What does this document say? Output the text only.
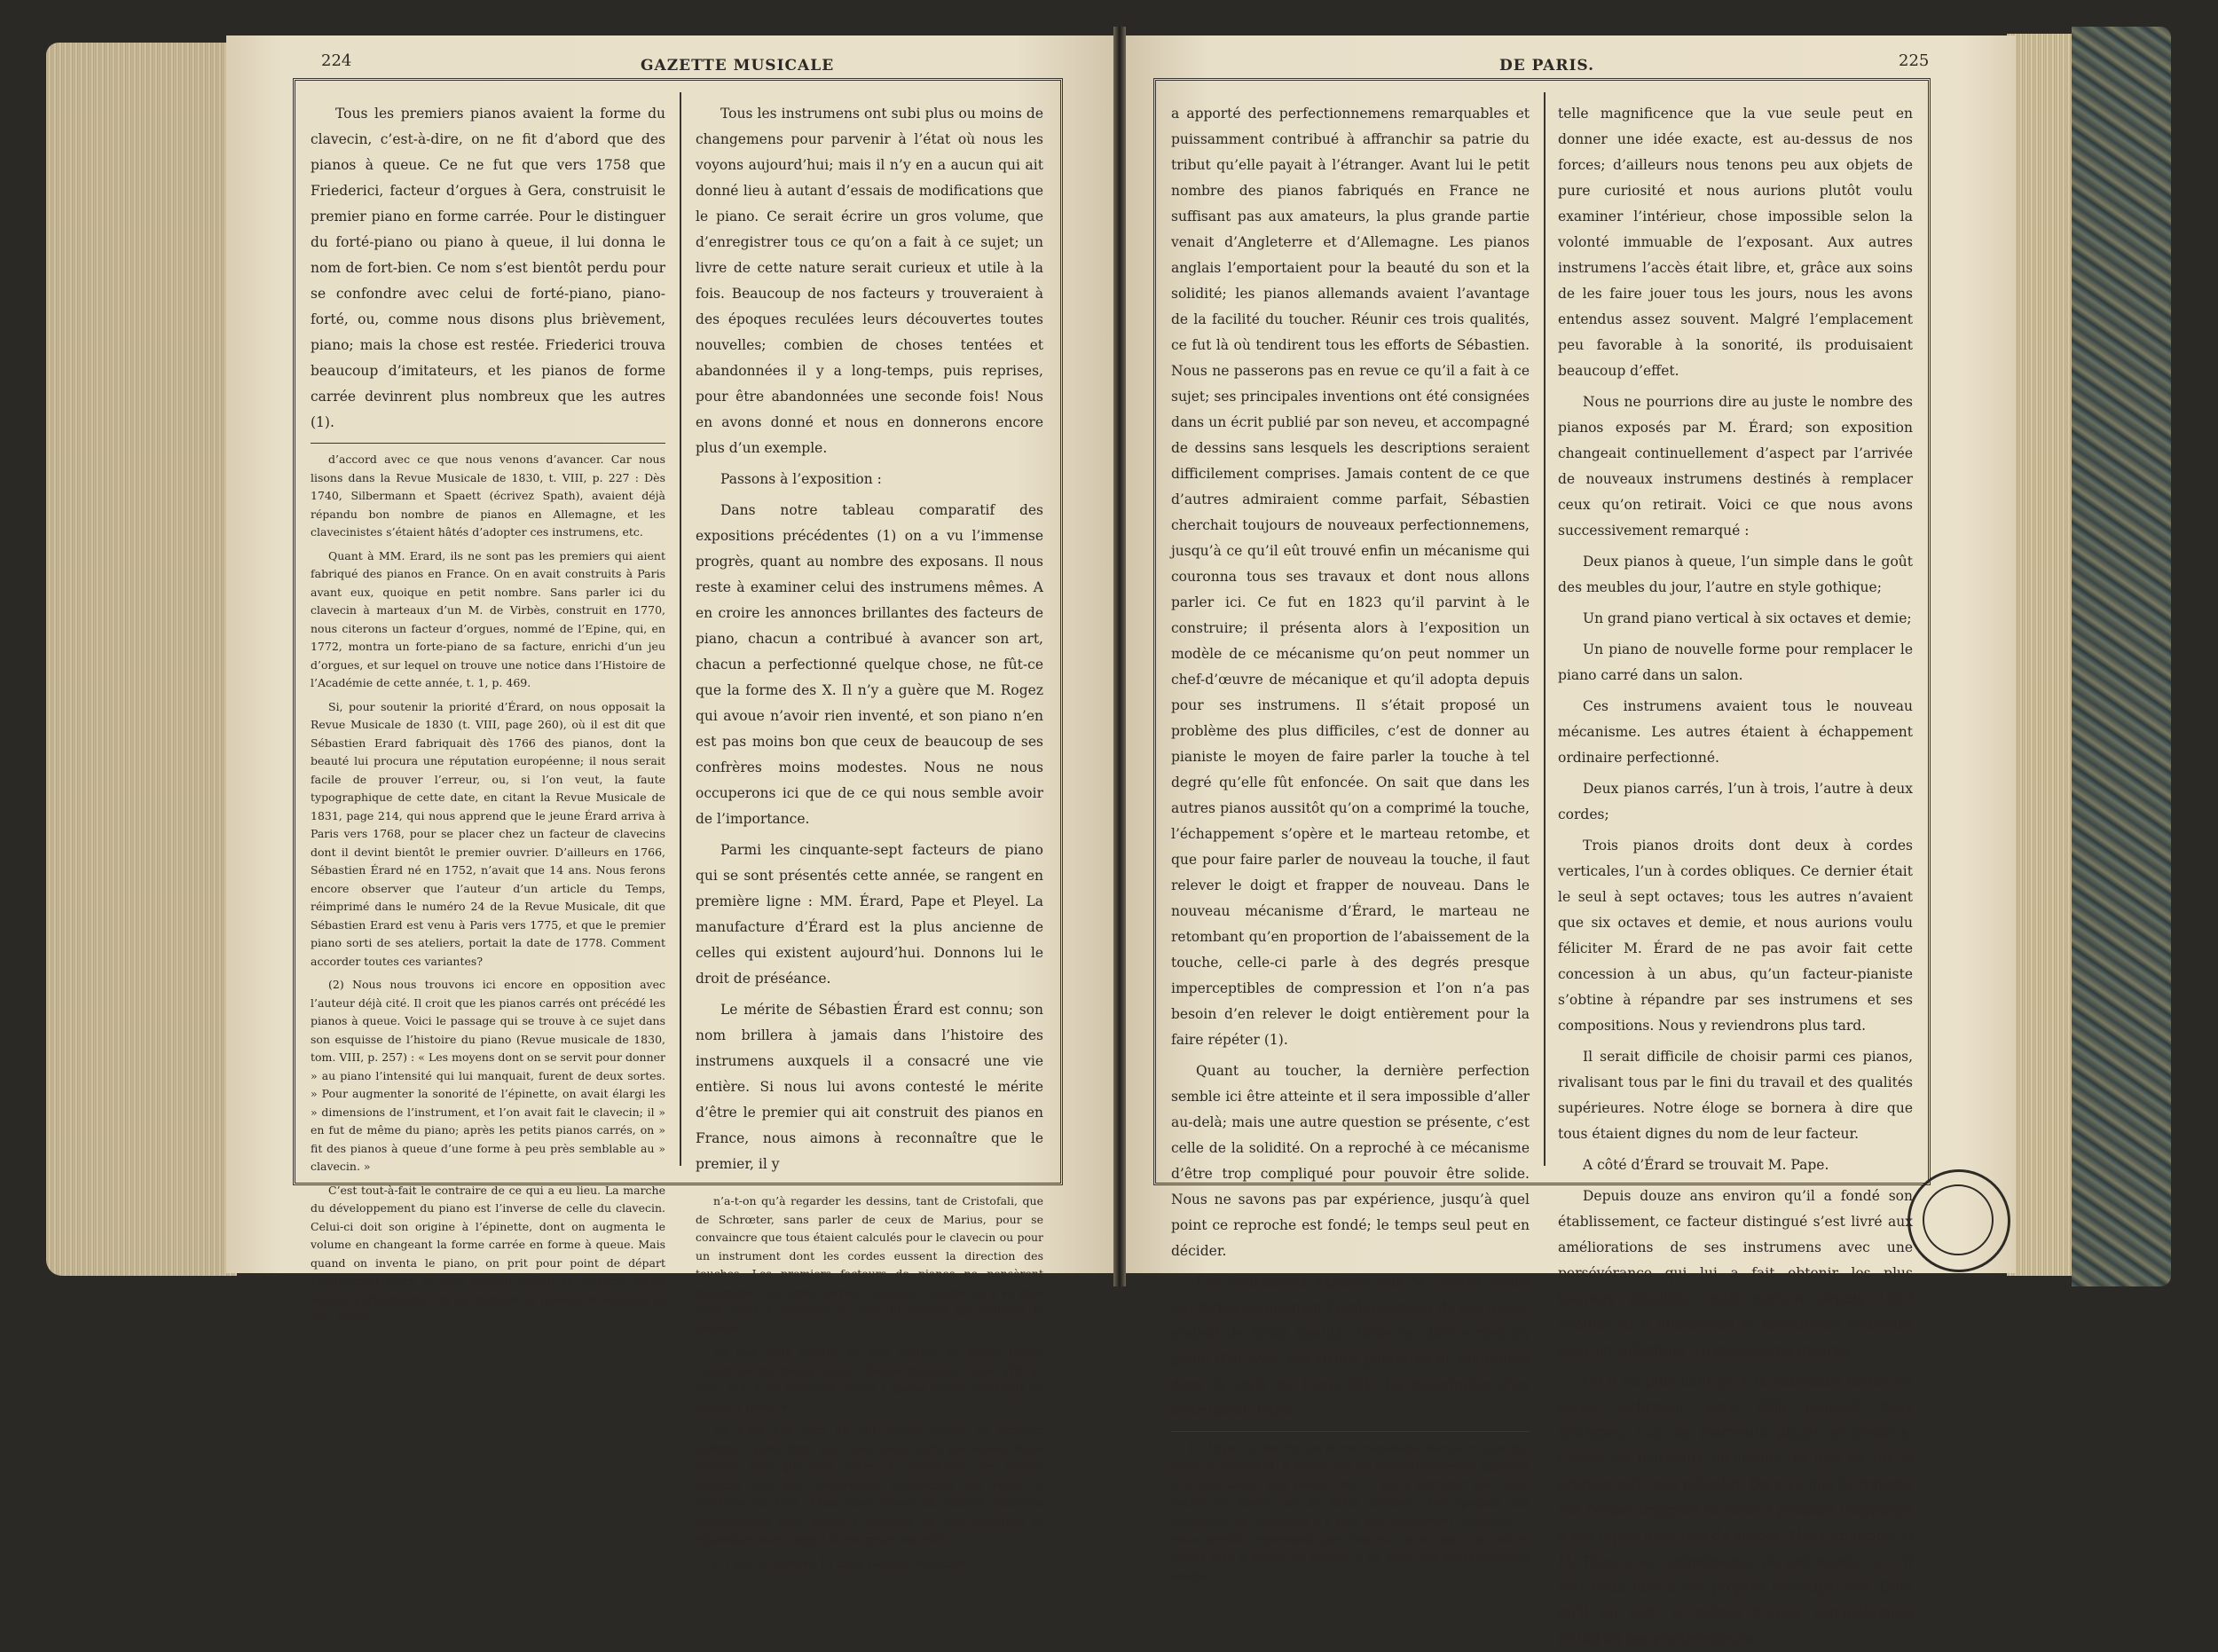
224	GAZETTE MUSICALE	DE PARIS.	225

Tous les premiers pianos avaient la forme du clavecin, c’est-à-dire, on ne fit d’abord que des pianos à queue. Ce ne fut que vers 1758 que Friederici, facteur d’orgues à Gera, construisit le premier piano en forme carrée. Pour le distinguer du forté-piano ou piano à queue, il lui donna le nom de fort-bien. Ce nom s’est bientôt perdu pour se confondre avec celui de forté-piano, piano-forté, ou, comme nous disons plus brièvement, piano; mais la chose est restée. Friederici trouva beaucoup d’imitateurs, et les pianos de forme carrée devinrent plus nombreux que les autres (1).

d’accord avec ce que nous venons d’avancer. Car nous lisons dans la Revue Musicale de 1830, t. VIII, p. 227 : Dès 1740, Silbermann et Spaett (écrivez Spath), avaient déjà répandu bon nombre de pianos en Allemagne, et les clavecinistes s’étaient hâtés d’adopter ces instrumens, etc.

Quant à MM. Erard, ils ne sont pas les premiers qui aient fabriqué des pianos en France. On en avait construits à Paris avant eux, quoique en petit nombre. Sans parler ici du clavecin à marteaux d’un M. de Virbès, construit en 1770, nous citerons un facteur d’orgues, nommé de l’Epine, qui, en 1772, montra un forte-piano de sa facture, enrichi d’un jeu d’orgues, et sur lequel on trouve une notice dans l’Histoire de l’Académie de cette année, t. 1, p. 469.

Si, pour soutenir la priorité d’Érard, on nous opposait la Revue Musicale de 1830 (t. VIII, page 260), où il est dit que Sébastien Erard fabriquait dès 1766 des pianos, dont la beauté lui procura une réputation européenne; il nous serait facile de prouver l’erreur, ou, si l’on veut, la faute typographique de cette date, en citant la Revue Musicale de 1831, page 214, qui nous apprend que le jeune Érard arriva à Paris vers 1768, pour se placer chez un facteur de clavecins dont il devint bientôt le premier ouvrier. D’ailleurs en 1766, Sébastien Érard né en 1752, n’avait que 14 ans. Nous ferons encore observer que l’auteur d’un article du Temps, réimprimé dans le numéro 24 de la Revue Musicale, dit que Sébastien Erard est venu à Paris vers 1775, et que le premier piano sorti de ses ateliers, portait la date de 1778. Comment accorder toutes ces variantes?

(2) Nous nous trouvons ici encore en opposition avec l’auteur déjà cité. Il croit que les pianos carrés ont précédé les pianos à queue. Voici le passage qui se trouve à ce sujet dans son esquisse de l’histoire du piano (Revue musicale de 1830, tom. VIII, p. 257) : « Les moyens dont on se servit pour donner » au piano l’intensité qui lui manquait, furent de deux sortes. » Pour augmenter la sonorité de l’épinette, on avait élargi les » dimensions de l’instrument, et l’on avait fait le clavecin; il » en fut de même du piano; après les petits pianos carrés, on » fit des pianos à queue d’une forme à peu près semblable au » clavecin. »

C’est tout-à-fait le contraire de ce qui a eu lieu. La marche du développement du piano est l’inverse de celle du clavecin. Celui-ci doit son origine à l’épinette, dont on augmenta le volume en changeant la forme carrée en forme à queue. Mais quand on inventa le piano, on prit pour point de départ l’instrument alors le plus parfait; c’était le clavecin qu’on voulait perfectionner en lui donnant la qualité de nuancer le son. Aussi

Tous les instrumens ont subi plus ou moins de changemens pour parvenir à l’état où nous les voyons aujourd’hui; mais il n’y en a aucun qui ait donné lieu à autant d’essais de modifications que le piano. Ce serait écrire un gros volume, que d’enregistrer tous ce qu’on a fait à ce sujet; un livre de cette nature serait curieux et utile à la fois. Beaucoup de nos facteurs y trouveraient à des époques reculées leurs découvertes toutes nouvelles; combien de choses tentées et abandonnées il y a long-temps, puis reprises, pour être abandonnées une seconde fois! Nous en avons donné et nous en donnerons encore plus d’un exemple.

Passons à l’exposition :

Dans notre tableau comparatif des expositions précédentes (1) on a vu l’immense progrès, quant au nombre des exposans. Il nous reste à examiner celui des instrumens mêmes. A en croire les annonces brillantes des facteurs de piano, chacun a contribué à avancer son art, chacun a perfectionné quelque chose, ne fût-ce que la forme des X. Il n’y a guère que M. Rogez qui avoue n’avoir rien inventé, et son piano n’en est pas moins bon que ceux de beaucoup de ses confrères moins modestes. Nous ne nous occuperons ici que de ce qui nous semble avoir de l’importance.

Parmi les cinquante-sept facteurs de piano qui se sont présentés cette année, se rangent en première ligne : MM. Érard, Pape et Pleyel. La manufacture d’Érard est la plus ancienne de celles qui existent aujourd’hui. Donnons lui le droit de préséance.

Le mérite de Sébastien Érard est connu; son nom brillera à jamais dans l’histoire des instrumens auxquels il a consacré une vie entière. Si nous lui avons contesté le mérite d’être le premier qui ait construit des pianos en France, nous aimons à reconnaître que le premier, il y

n’a-t-on qu’à regarder les dessins, tant de Cristofali, que de Schrœter, sans parler de ceux de Marius, pour se convaincre que tous étaient calculés pour le clavecin ou pour un instrument dont les cordes eussent la direction des touches. Les premiers facteurs de pianos ne pensèrent nullement à la forme carrée. L’histoire, comme on a vu plus haut, nous a conservé le nom du facteur qui l’adopta le premier.

Ce que nous venons de dire rectifie en même temps l’assertion du même auteur (Revue musicale. Tom. VIII, p. 258), que « les premiers pianos à queue furent construits en Angle- » terre. »

Ce n’est pas dans un but hostile contre un écrivain célèbre à juste titre, que nous avons écrit ces lignes. Nous aimons, plus que tout autre, à reconnaître les grands services que ses nombreuses recherches ont rendu à l’histoire de l’art. Mais nous avons dû relever quelques inexactitudes qu’il serait à craindre de voir adoptées et répandues sous l’appui d’une grave autorité.

(1) Voir le numéro 19 de la Gazette Musicale.

a apporté des perfectionnemens remarquables et puissamment contribué à affranchir sa patrie du tribut qu’elle payait à l’étranger. Avant lui le petit nombre des pianos fabriqués en France ne suffisant pas aux amateurs, la plus grande partie venait d’Angleterre et d’Allemagne. Les pianos anglais l’emportaient pour la beauté du son et la solidité; les pianos allemands avaient l’avantage de la facilité du toucher. Réunir ces trois qualités, ce fut là où tendirent tous les efforts de Sébastien. Nous ne passerons pas en revue ce qu’il a fait à ce sujet; ses principales inventions ont été consignées dans un écrit publié par son neveu, et accompagné de dessins sans lesquels les descriptions seraient difficilement comprises. Jamais content de ce que d’autres admiraient comme parfait, Sébastien cherchait toujours de nouveaux perfectionnemens, jusqu’à ce qu’il eût trouvé enfin un mécanisme qui couronna tous ses travaux et dont nous allons parler ici. Ce fut en 1823 qu’il parvint à le construire; il présenta alors à l’exposition un modèle de ce mécanisme qu’on peut nommer un chef-d’œuvre de mécanique et qu’il adopta depuis pour ses instrumens. Il s’était proposé un problème des plus difficiles, c’est de donner au pianiste le moyen de faire parler la touche à tel degré qu’elle fût enfoncée. On sait que dans les autres pianos aussitôt qu’on a comprimé la touche, l’échappement s’opère et le marteau retombe, et que pour faire parler de nouveau la touche, il faut relever le doigt et frapper de nouveau. Dans le nouveau mécanisme d’Érard, le marteau ne retombant qu’en proportion de l’abaissement de la touche, celle-ci parle à des degrés presque imperceptibles de compression et l’on n’a pas besoin d’en relever le doigt entièrement pour la faire répéter (1).

Quant au toucher, la dernière perfection semble ici être atteinte et il sera impossible d’aller au-delà; mais une autre question se présente, c’est celle de la solidité. On a reproché à ce mécanisme d’être trop compliqué pour pouvoir être solide. Nous ne savons pas par expérience, jusqu’à quel point ce reproche est fondé; le temps seul peut en décider.

Les instrumens exposés par M. Pierre Érard qui dirige maintenant l’établissement de son oncle, étaient de toute beauté. Nous ne dirons rien du piano d’or avec ses riches peintures et sculptures dans le style de Louis XIV. La description d’un instrument d’une

(1) Voyez la description de ce mécanisme dans la notice que vient de publier M. P. Erard, sur les perfectionnemens apportés à la fabrication des pianos, etc. Il est à regretter que cette notice ne donne pas de dates précises. Les époques des inventions de Sébastien n’y sont que vaguement indiquées. Il nous semble cependant que l’auteur, plus que tout autre, devait être à même de fournir à ce sujet des renseignemens exacts.

telle magnificence que la vue seule peut en donner une idée exacte, est au-dessus de nos forces; d’ailleurs nous tenons peu aux objets de pure curiosité et nous aurions plutôt voulu examiner l’intérieur, chose impossible selon la volonté immuable de l’exposant. Aux autres instrumens l’accès était libre, et, grâce aux soins de les faire jouer tous les jours, nous les avons entendus assez souvent. Malgré l’emplacement peu favorable à la sonorité, ils produisaient beaucoup d’effet.

Nous ne pourrions dire au juste le nombre des pianos exposés par M. Érard; son exposition changeait continuellement d’aspect par l’arrivée de nouveaux instrumens destinés à remplacer ceux qu’on retirait. Voici ce que nous avons successivement remarqué :

Deux pianos à queue, l’un simple dans le goût des meubles du jour, l’autre en style gothique;

Un grand piano vertical à six octaves et demie;

Un piano de nouvelle forme pour remplacer le piano carré dans un salon.

Ces instrumens avaient tous le nouveau mécanisme. Les autres étaient à échappement ordinaire perfectionné.

Deux pianos carrés, l’un à trois, l’autre à deux cordes;

Trois pianos droits dont deux à cordes verticales, l’un à cordes obliques. Ce dernier était le seul à sept octaves; tous les autres n’avaient que six octaves et demie, et nous aurions voulu féliciter M. Érard de ne pas avoir fait cette concession à un abus, qu’un facteur-pianiste s’obtine à répandre par ses instrumens et ses compositions. Nous y reviendrons plus tard.

Il serait difficile de choisir parmi ces pianos, rivalisant tous par le fini du travail et des qualités supérieures. Notre éloge se bornera à dire que tous étaient dignes du nom de leur facteur.

A côté d’Érard se trouvait M. Pape.

Depuis douze ans environ qu’il a fondé son établissement, ce facteur distingué s’est livré aux améliorations de ses instrumens avec une persévérance qui lui a fait obtenir les plus heureux résultats, mais surtout depuis 1827 époque où il abandonna le mécanisme ordinaire pour lui substituer un mécanisme inverse.

On a vu plus haut qu’à la naissance même du piano, Schrœter avait déjà proposé deux systèmes, l’un de marteaux placés en-dessous, l’autre de marteaux en-dessus, et que ce fut le premier qui, seul prévalut. On a vu que le système des cordes frappées en-dessus pendant longtemps a été repris avec peu de succès. Nous ignorons, si M. Pape a eu connaissance de ces essais, ou s’il doit cette idée à ses propres investigations. Quoi qu’il en soit, le mérite d’avoir complétement réussi où ses prédécesseurs
